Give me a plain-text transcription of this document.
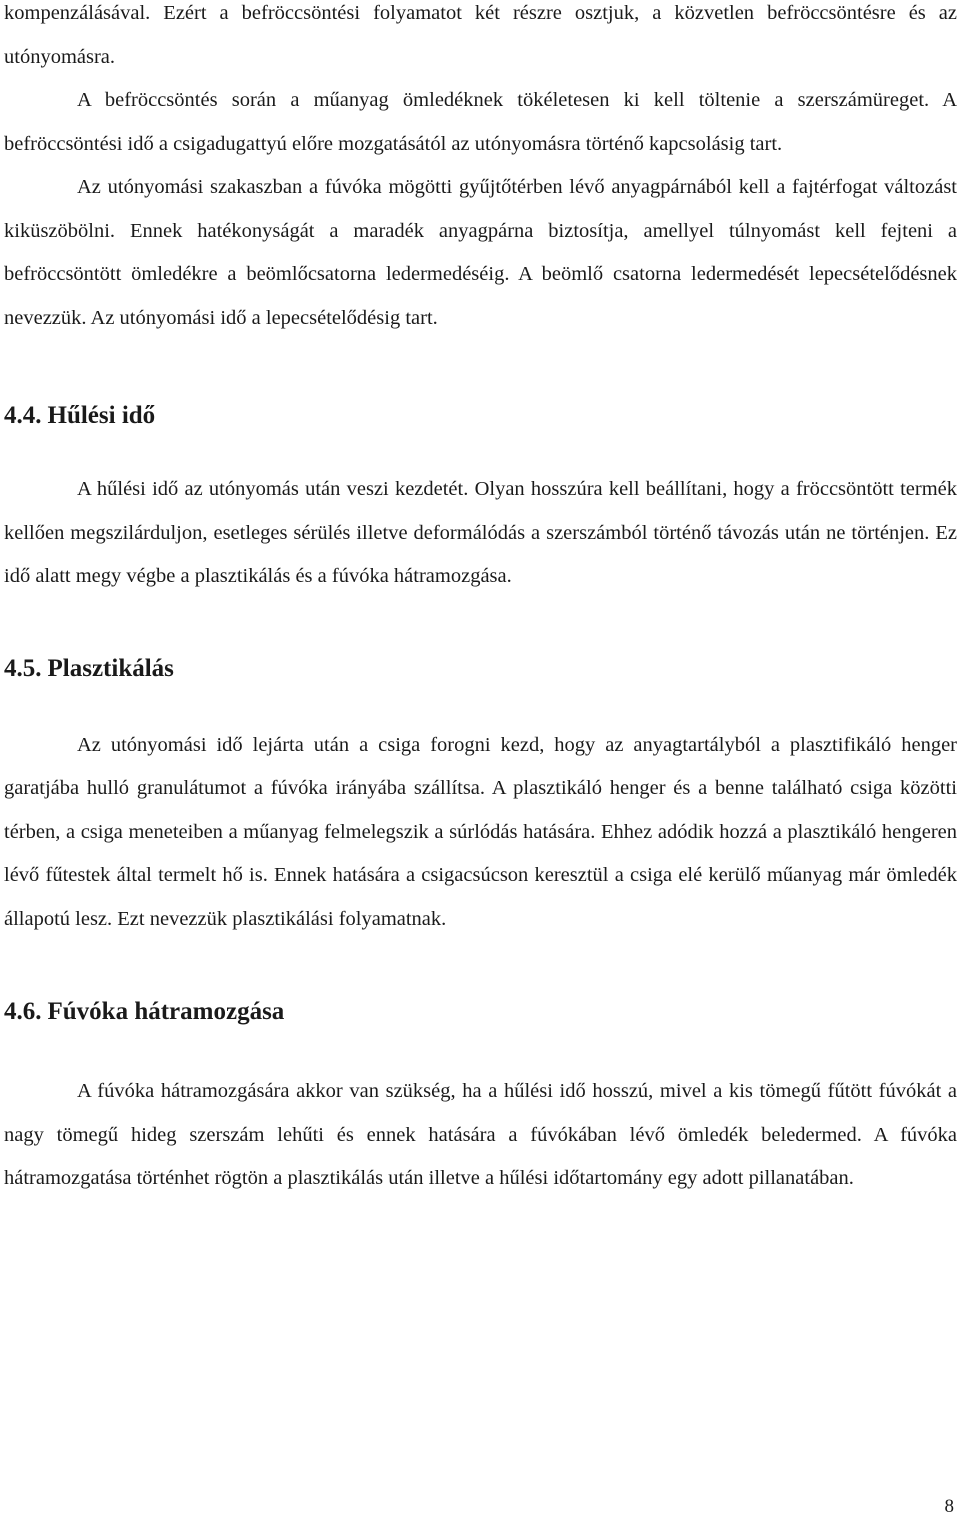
kompenzálásával. Ezért a befröccsöntési folyamatot két részre osztjuk, a közvetlen befröccsöntésre és az utónyomásra.

A befröccsöntés során a műanyag ömledéknek tökéletesen ki kell töltenie a szerszámüreget. A befröccsöntési idő a csigadugattyú előre mozgatásától az utónyomásra történő kapcsolásig tart.

Az utónyomási szakaszban a fúvóka mögötti gyűjtőtérben lévő anyagpárnából kell a fajtérfogat változást kiküszöbölni. Ennek hatékonyságát a maradék anyagpárna biztosítja, amellyel túlnyomást kell fejteni a befröccsöntött ömledékre a beömlőcsatorna ledermedéséig. A beömlő csatorna ledermedését lepecsételődésnek nevezzük. Az utónyomási idő a lepecsételődésig tart.

4.4. Hűlési idő

A hűlési idő az utónyomás után veszi kezdetét. Olyan hosszúra kell beállítani, hogy a fröccsöntött termék kellően megszilárduljon, esetleges sérülés illetve deformálódás a szerszámból történő távozás után ne történjen. Ez idő alatt megy végbe a plasztikálás és a fúvóka hátramozgása.

4.5. Plasztikálás

Az utónyomási idő lejárta után a csiga forogni kezd, hogy az anyagtartályból a plasztifikáló henger garatjába hulló granulátumot a fúvóka irányába szállítsa. A plasztikáló henger és a benne található csiga közötti térben, a csiga meneteiben a műanyag felmelegszik a súrlódás hatására. Ehhez adódik hozzá a plasztikáló hengeren lévő fűtestek által termelt hő is. Ennek hatására a csigacsúcson keresztül a csiga elé kerülő műanyag már ömledék állapotú lesz. Ezt nevezzük plasztikálási folyamatnak.

4.6. Fúvóka hátramozgása

A fúvóka hátramozgására akkor van szükség, ha a hűlési idő hosszú, mivel a kis tömegű fűtött fúvókát a nagy tömegű hideg szerszám lehűti és ennek hatására a fúvókában lévő ömledék beledermed. A fúvóka hátramozgatása történhet rögtön a plasztikálás után illetve a hűlési időtartomány egy adott pillanatában.

8
